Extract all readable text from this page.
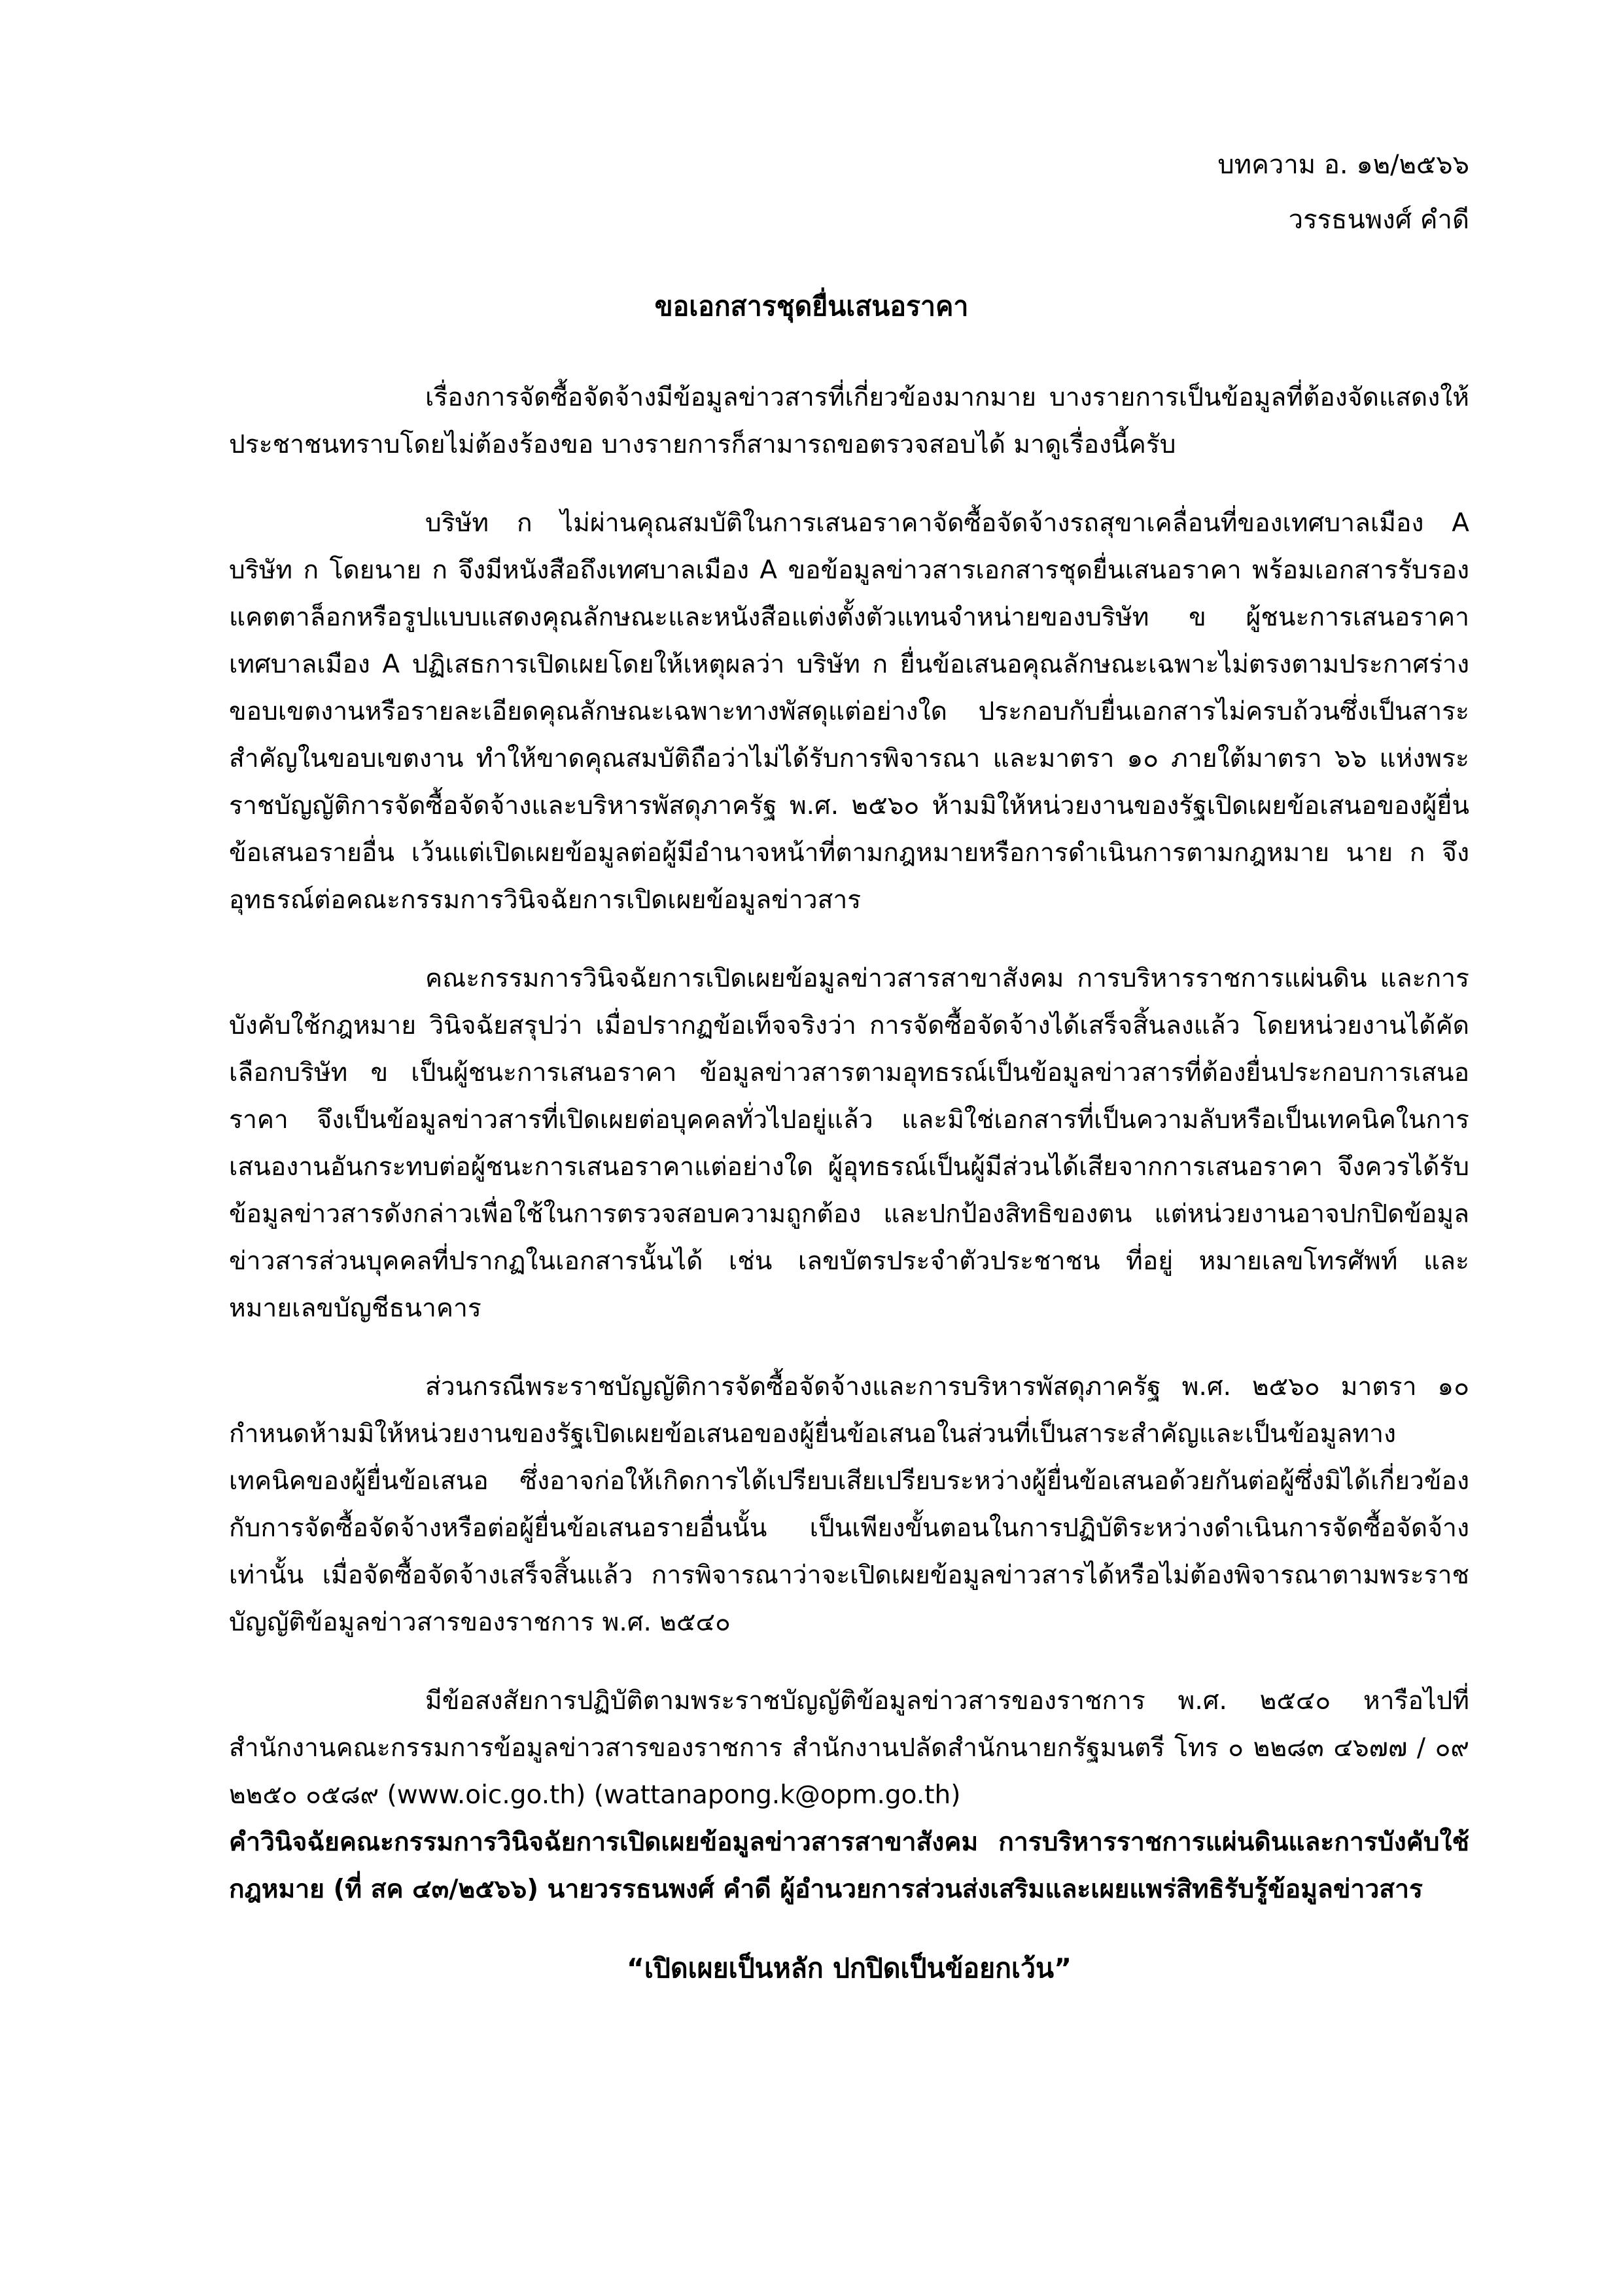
บทความ อ. ๑๒/๒๕๖๖
วรรธนพงศ์ คำดี
ขอเอกสารชุดยื่นเสนอราคา

เรื่องการจัดซื้อจัดจ้างมีข้อมูลข่าวสารที่เกี่ยวข้องมากมาย บางรายการเป็นข้อมูลที่ต้องจัดแสดงให้ประชาชนทราบโดยไม่ต้องร้องขอ บางรายการก็สามารถขอตรวจสอบได้ มาดูเรื่องนี้ครับ

บริษัท ก ไม่ผ่านคุณสมบัติในการเสนอราคาจัดซื้อจัดจ้างรถสุขาเคลื่อนที่ของเทศบาลเมือง A บริษัท ก โดยนาย ก จึงมีหนังสือถึงเทศบาลเมือง A ขอข้อมูลข่าวสารเอกสารชุดยื่นเสนอราคา พร้อมเอกสารรับรอง แคตตาล็อกหรือรูปแบบแสดงคุณลักษณะและหนังสือแต่งตั้งตัวแทนจำหน่ายของบริษัท ข ผู้ชนะการเสนอราคา เทศบาลเมือง A ปฏิเสธการเปิดเผยโดยให้เหตุผลว่า บริษัท ก ยื่นข้อเสนอคุณลักษณะเฉพาะไม่ตรงตามประกาศร่างขอบเขตงานหรือรายละเอียดคุณลักษณะเฉพาะทางพัสดุแต่อย่างใด ประกอบกับยื่นเอกสารไม่ครบถ้วนซึ่งเป็นสาระสำคัญในขอบเขตงาน ทำให้ขาดคุณสมบัติถือว่าไม่ได้รับการพิจารณา และมาตรา ๑๐ ภายใต้มาตรา ๖๖ แห่งพระราชบัญญัติการจัดซื้อจัดจ้างและบริหารพัสดุภาครัฐ พ.ศ. ๒๕๖๐ ห้ามมิให้หน่วยงานของรัฐเปิดเผยข้อเสนอของผู้ยื่นข้อเสนอรายอื่น เว้นแต่เปิดเผยข้อมูลต่อผู้มีอำนาจหน้าที่ตามกฎหมายหรือการดำเนินการตามกฎหมาย นาย ก จึงอุทธรณ์ต่อคณะกรรมการวินิจฉัยการเปิดเผยข้อมูลข่าวสาร

คณะกรรมการวินิจฉัยการเปิดเผยข้อมูลข่าวสารสาขาสังคม การบริหารราชการแผ่นดิน และการบังคับใช้กฎหมาย วินิจฉัยสรุปว่า เมื่อปรากฏข้อเท็จจริงว่า การจัดซื้อจัดจ้างได้เสร็จสิ้นลงแล้ว โดยหน่วยงานได้คัดเลือกบริษัท ข เป็นผู้ชนะการเสนอราคา ข้อมูลข่าวสารตามอุทธรณ์เป็นข้อมูลข่าวสารที่ต้องยื่นประกอบการเสนอราคา จึงเป็นข้อมูลข่าวสารที่เปิดเผยต่อบุคคลทั่วไปอยู่แล้ว และมิใช่เอกสารที่เป็นความลับหรือเป็นเทคนิคในการเสนองานอันกระทบต่อผู้ชนะการเสนอราคาแต่อย่างใด ผู้อุทธรณ์เป็นผู้มีส่วนได้เสียจากการเสนอราคา จึงควรได้รับข้อมูลข่าวสารดังกล่าวเพื่อใช้ในการตรวจสอบความถูกต้อง และปกป้องสิทธิของตน แต่หน่วยงานอาจปกปิดข้อมูลข่าวสารส่วนบุคคลที่ปรากฏในเอกสารนั้นได้ เช่น เลขบัตรประจำตัวประชาชน ที่อยู่ หมายเลขโทรศัพท์ และหมายเลขบัญชีธนาคาร

ส่วนกรณีพระราชบัญญัติการจัดซื้อจัดจ้างและการบริหารพัสดุภาครัฐ พ.ศ. ๒๕๖๐ มาตรา ๑๐ กำหนดห้ามมิให้หน่วยงานของรัฐเปิดเผยข้อเสนอของผู้ยื่นข้อเสนอในส่วนที่เป็นสาระสำคัญและเป็นข้อมูลทางเทคนิคของผู้ยื่นข้อเสนอ ซึ่งอาจก่อให้เกิดการได้เปรียบเสียเปรียบระหว่างผู้ยื่นข้อเสนอด้วยกันต่อผู้ซึ่งมิได้เกี่ยวข้องกับการจัดซื้อจัดจ้างหรือต่อผู้ยื่นข้อเสนอรายอื่นนั้น เป็นเพียงขั้นตอนในการปฏิบัติระหว่างดำเนินการจัดซื้อจัดจ้างเท่านั้น เมื่อจัดซื้อจัดจ้างเสร็จสิ้นแล้ว การพิจารณาว่าจะเปิดเผยข้อมูลข่าวสารได้หรือไม่ต้องพิจารณาตามพระราชบัญญัติข้อมูลข่าวสารของราชการ พ.ศ. ๒๕๔๐

มีข้อสงสัยการปฏิบัติตามพระราชบัญญัติข้อมูลข่าวสารของราชการ พ.ศ. ๒๕๔๐ หารือไปที่สำนักงานคณะกรรมการข้อมูลข่าวสารของราชการ สำนักงานปลัดสำนักนายกรัฐมนตรี โทร ๐ ๒๒๘๓ ๔๖๗๗ / ๐๙ ๒๒๕๐ ๐๕๘๙ (www.oic.go.th) (wattanapong.k@opm.go.th)

คำวินิจฉัยคณะกรรมการวินิจฉัยการเปิดเผยข้อมูลข่าวสารสาขาสังคม การบริหารราชการแผ่นดินและการบังคับใช้กฎหมาย (ที่ สค ๔๓/๒๕๖๖) นายวรรธนพงศ์ คำดี ผู้อำนวยการส่วนส่งเสริมและเผยแพร่สิทธิรับรู้ข้อมูลข่าวสาร

“เปิดเผยเป็นหลัก ปกปิดเป็นข้อยกเว้น”
